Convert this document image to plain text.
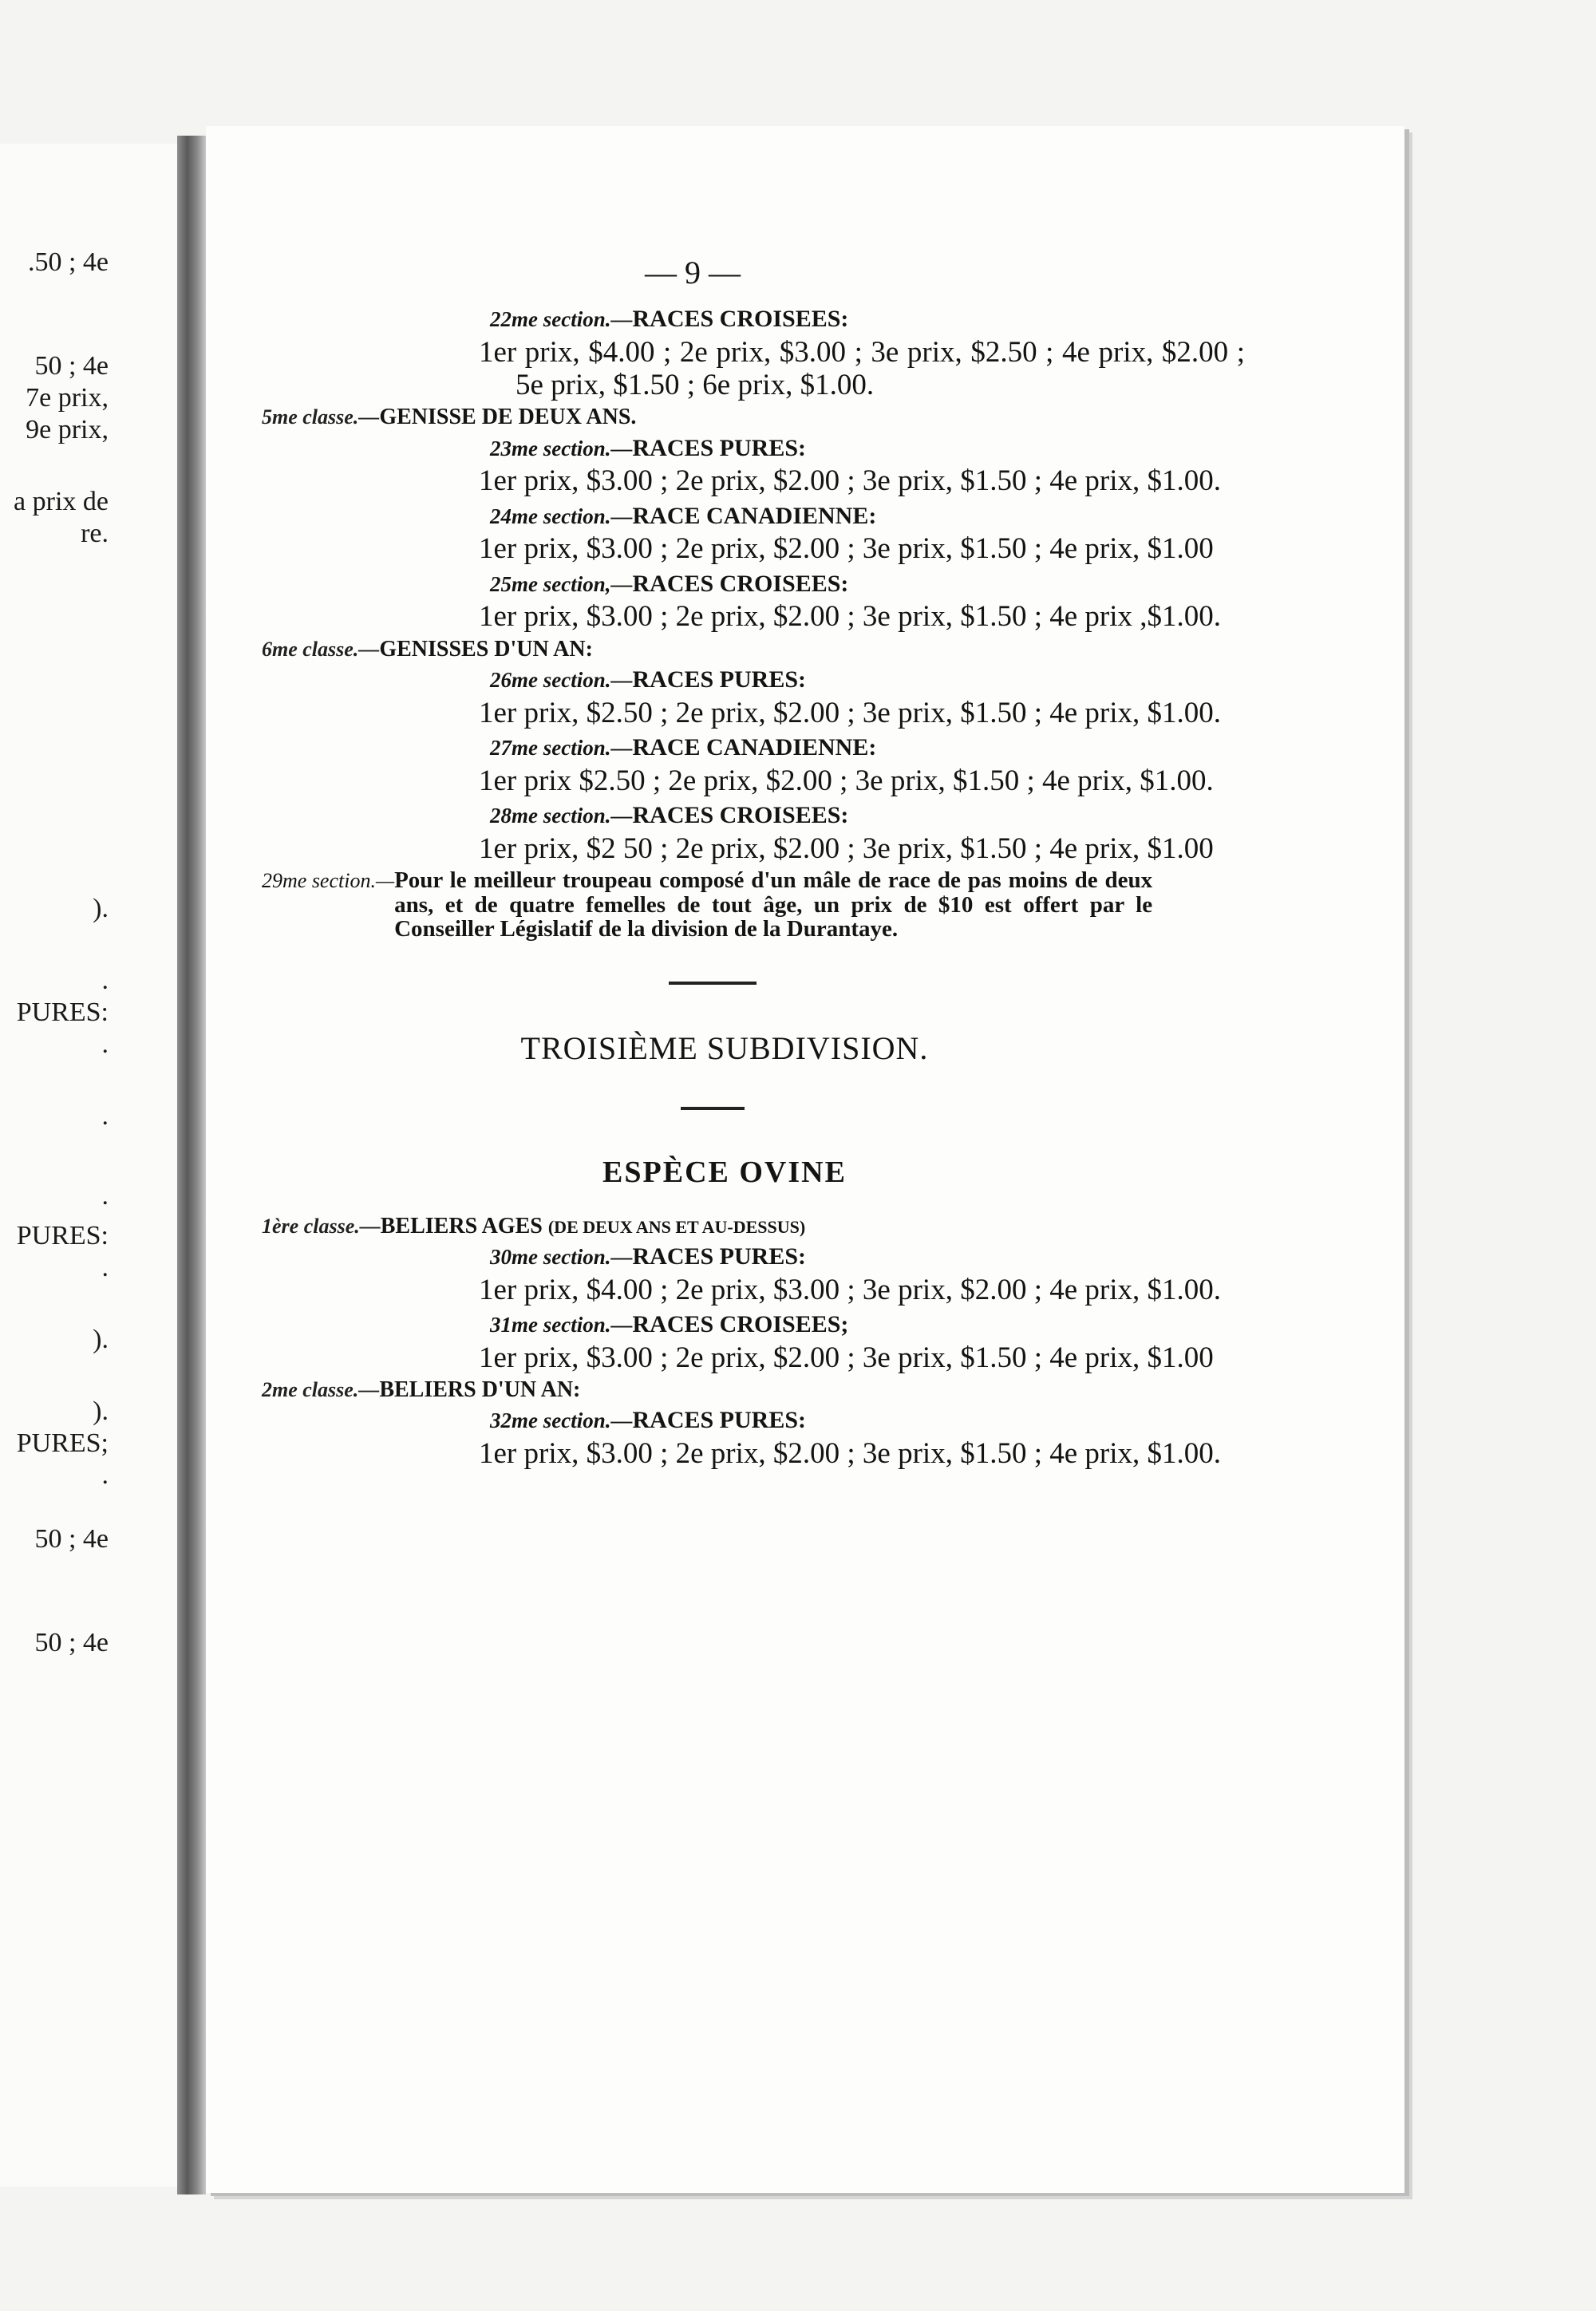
.50 ; 4e
50 ; 4e
7e prix,
9e prix,
a prix de
re.
).
.
PURES:
.
.
.
PURES:
.
).
).
PURES;
.
50 ; 4e
50 ; 4e
— 9 —
22me section.—RACES CROISEES:
1er prix, $4.00 ; 2e prix, $3.00 ; 3e prix, $2.50 ; 4e prix, $2.00 ; 5e prix, $1.50 ; 6e prix, $1.00.
5me classe.—GENISSE DE DEUX ANS.
23me section.—RACES PURES:
1er prix, $3.00 ; 2e prix, $2.00 ; 3e prix, $1.50 ; 4e prix, $1.00.
24me section.—RACE CANADIENNE:
1er prix, $3.00 ; 2e prix, $2.00 ; 3e prix, $1.50 ; 4e prix, $1.00
25me section,—RACES CROISEES:
1er prix, $3.00 ; 2e prix, $2.00 ; 3e prix, $1.50 ; 4e prix ,$1.00.
6me classe.—GENISSES D'UN AN:
26me section.—RACES PURES:
1er prix, $2.50 ; 2e prix, $2.00 ; 3e prix, $1.50 ; 4e prix, $1.00.
27me section.—RACE CANADIENNE:
1er prix $2.50 ; 2e prix, $2.00 ; 3e prix, $1.50 ; 4e prix, $1.00.
28me section.—RACES CROISEES:
1er prix, $2 50 ; 2e prix, $2.00 ; 3e prix, $1.50 ; 4e prix, $1.00
29me section.—Pour le meilleur troupeau composé d'un mâle de race de pas moins de deux ans, et de quatre femelles de tout âge, un prix de $10 est offert par le Conseiller Législatif de la division de la Durantaye.
TROISIÈME SUBDIVISION.
ESPÈCE OVINE
1ère classe.—BELIERS AGES (DE DEUX ANS ET AU-DESSUS)
30me section.—RACES PURES:
1er prix, $4.00 ; 2e prix, $3.00 ; 3e prix, $2.00 ; 4e prix, $1.00.
31me section.—RACES CROISEES;
1er prix, $3.00 ; 2e prix, $2.00 ; 3e prix, $1.50 ; 4e prix, $1.00
2me classe.—BELIERS D'UN AN:
32me section.—RACES PURES:
1er prix, $3.00 ; 2e prix, $2.00 ; 3e prix, $1.50 ; 4e prix, $1.00.
